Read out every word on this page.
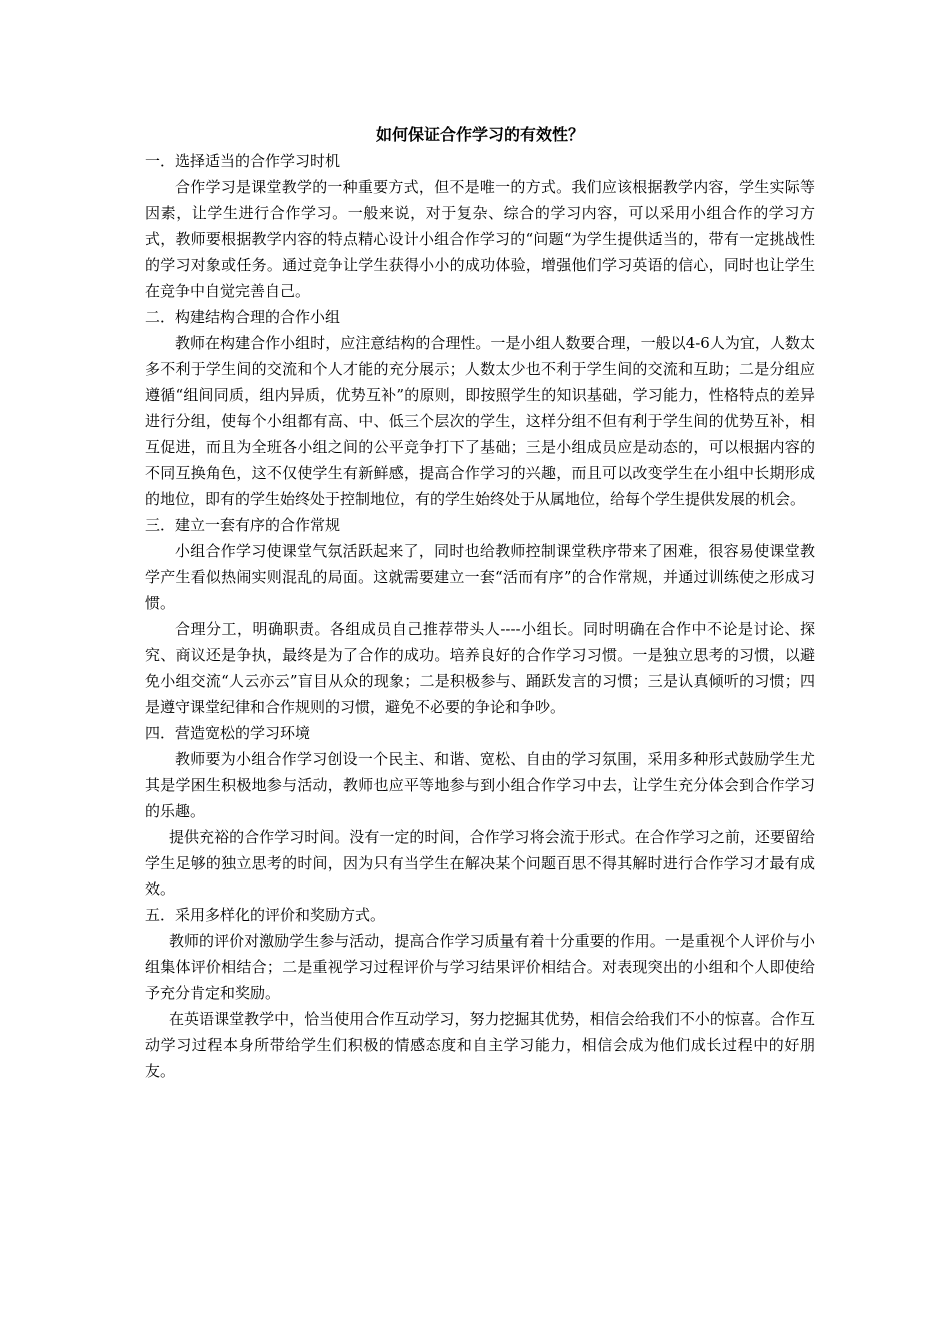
如何保证合作学习的有效性？
一．选择适当的合作学习时机

合作学习是课堂教学的一种重要方式，但不是唯一的方式。我们应该根据教学内容，学生实际等因素，让学生进行合作学习。一般来说，对于复杂、综合的学习内容，可以采用小组合作的学习方式，教师要根据教学内容的特点精心设计小组合作学习的“问题“为学生提供适当的，带有一定挑战性的学习对象或任务。通过竞争让学生获得小小的成功体验，增强他们学习英语的信心，同时也让学生在竞争中自觉完善自己。

二．构建结构合理的合作小组

教师在构建合作小组时，应注意结构的合理性。一是小组人数要合理，一般以4-6人为宜，人数太多不利于学生间的交流和个人才能的充分展示；人数太少也不利于学生间的交流和互助；二是分组应遵循“组间同质，组内异质，优势互补”的原则，即按照学生的知识基础，学习能力，性格特点的差异进行分组，使每个小组都有高、中、低三个层次的学生，这样分组不但有利于学生间的优势互补，相互促进，而且为全班各小组之间的公平竞争打下了基础；三是小组成员应是动态的，可以根据内容的不同互换角色，这不仅使学生有新鲜感，提高合作学习的兴趣，而且可以改变学生在小组中长期形成的地位，即有的学生始终处于控制地位，有的学生始终处于从属地位，给每个学生提供发展的机会。

三．建立一套有序的合作常规

小组合作学习使课堂气氛活跃起来了，同时也给教师控制课堂秩序带来了困难，很容易使课堂教学产生看似热闹实则混乱的局面。这就需要建立一套“活而有序”的合作常规，并通过训练使之形成习惯。

合理分工，明确职责。各组成员自己推荐带头人----小组长。同时明确在合作中不论是讨论、探究、商议还是争执，最终是为了合作的成功。培养良好的合作学习习惯。一是独立思考的习惯，以避免小组交流“人云亦云”盲目从众的现象；二是积极参与、踊跃发言的习惯；三是认真倾听的习惯；四是遵守课堂纪律和合作规则的习惯，避免不必要的争论和争吵。

四．营造宽松的学习环境

教师要为小组合作学习创设一个民主、和谐、宽松、自由的学习氛围，采用多种形式鼓励学生尤其是学困生积极地参与活动，教师也应平等地参与到小组合作学习中去，让学生充分体会到合作学习的乐趣。

提供充裕的合作学习时间。没有一定的时间，合作学习将会流于形式。在合作学习之前，还要留给学生足够的独立思考的时间，因为只有当学生在解决某个问题百思不得其解时进行合作学习才最有成效。

五．采用多样化的评价和奖励方式。

教师的评价对激励学生参与活动，提高合作学习质量有着十分重要的作用。一是重视个人评价与小组集体评价相结合；二是重视学习过程评价与学习结果评价相结合。对表现突出的小组和个人即使给予充分肯定和奖励。

在英语课堂教学中，恰当使用合作互动学习，努力挖掘其优势，相信会给我们不小的惊喜。合作互动学习过程本身所带给学生们积极的情感态度和自主学习能力，相信会成为他们成长过程中的好朋友。
